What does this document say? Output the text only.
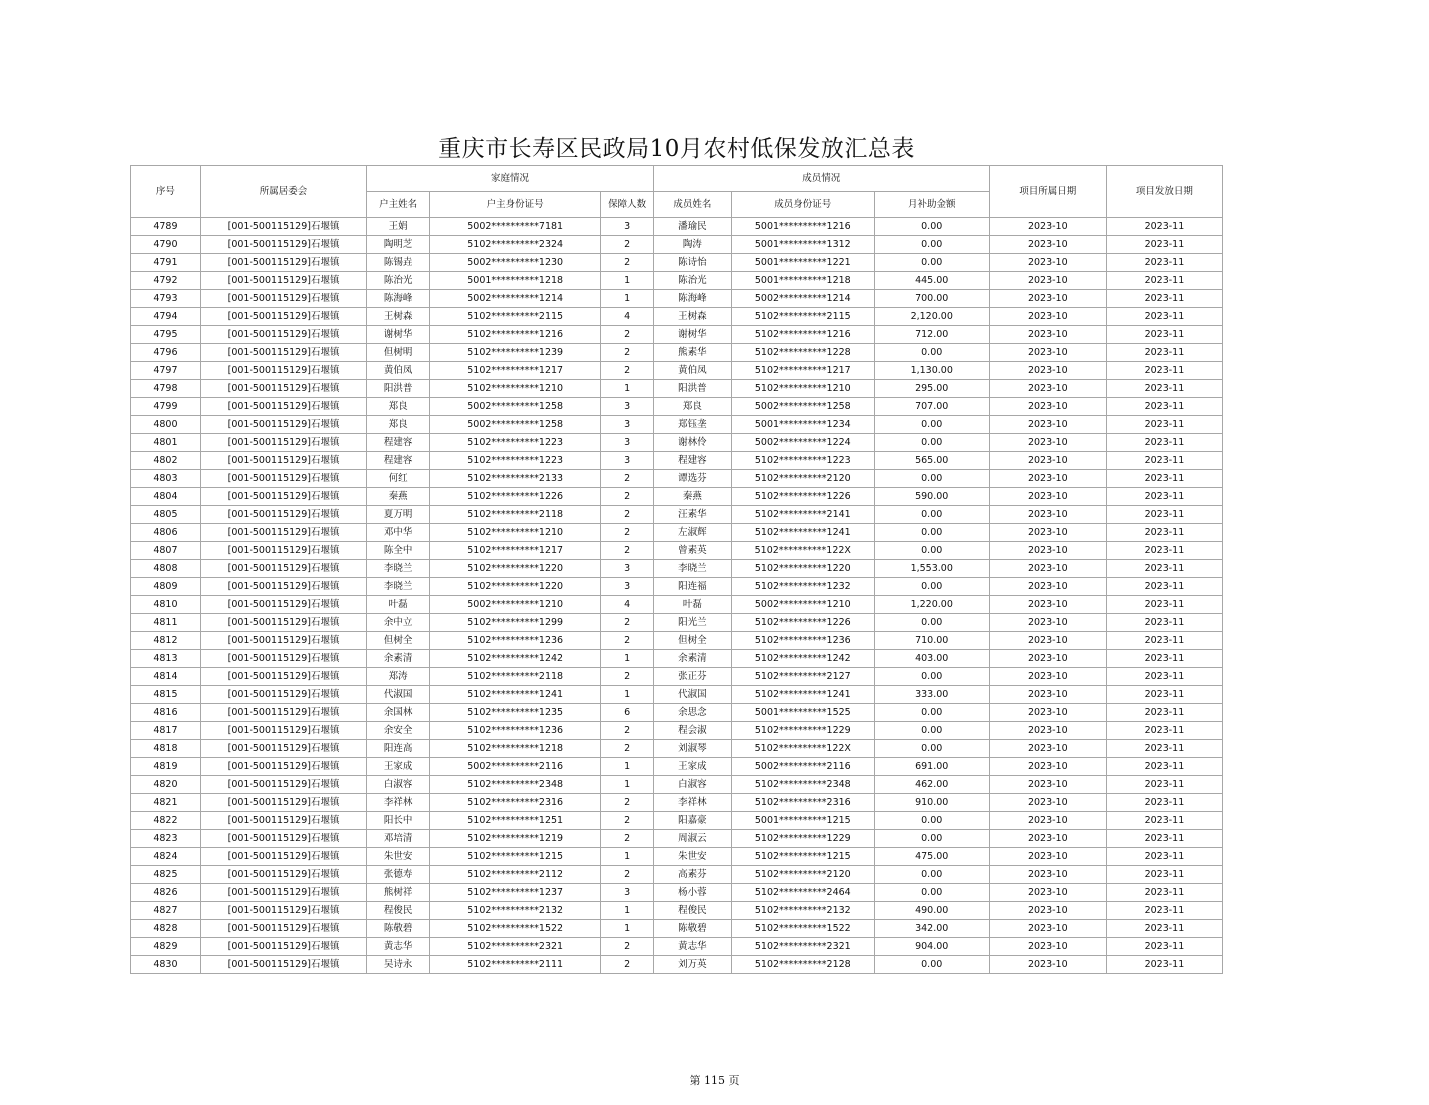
重庆市长寿区民政局10月农村低保发放汇总表
序号	所属居委会	家庭情况			成员情况			项目所属日期	项目发放日期
		户主姓名	户主身份证号	保障人数	成员姓名	成员身份证号	月补助金额		
4789	[001-500115129]石堰镇	王娟	5002**********7181	3	潘瑜民	5001**********1216	0.00	2023-10	2023-11
4790	[001-500115129]石堰镇	陶明芝	5102**********2324	2	陶涛	5001**********1312	0.00	2023-10	2023-11
4791	[001-500115129]石堰镇	陈锡垚	5002**********1230	2	陈诗怡	5001**********1221	0.00	2023-10	2023-11
4792	[001-500115129]石堰镇	陈治光	5001**********1218	1	陈治光	5001**********1218	445.00	2023-10	2023-11
4793	[001-500115129]石堰镇	陈海峰	5002**********1214	1	陈海峰	5002**********1214	700.00	2023-10	2023-11
4794	[001-500115129]石堰镇	王树森	5102**********2115	4	王树森	5102**********2115	2,120.00	2023-10	2023-11
4795	[001-500115129]石堰镇	谢树华	5102**********1216	2	谢树华	5102**********1216	712.00	2023-10	2023-11
4796	[001-500115129]石堰镇	但树明	5102**********1239	2	熊素华	5102**********1228	0.00	2023-10	2023-11
4797	[001-500115129]石堰镇	黄伯凤	5102**********1217	2	黄伯凤	5102**********1217	1,130.00	2023-10	2023-11
4798	[001-500115129]石堰镇	阳洪普	5102**********1210	1	阳洪普	5102**********1210	295.00	2023-10	2023-11
4799	[001-500115129]石堰镇	郑良	5002**********1258	3	郑良	5002**********1258	707.00	2023-10	2023-11
4800	[001-500115129]石堰镇	郑良	5002**********1258	3	郑钰垄	5001**********1234	0.00	2023-10	2023-11
4801	[001-500115129]石堰镇	程建容	5102**********1223	3	谢林伶	5002**********1224	0.00	2023-10	2023-11
4802	[001-500115129]石堰镇	程建容	5102**********1223	3	程建容	5102**********1223	565.00	2023-10	2023-11
4803	[001-500115129]石堰镇	何红	5102**********2133	2	谭选芬	5102**********2120	0.00	2023-10	2023-11
4804	[001-500115129]石堰镇	秦燕	5102**********1226	2	秦燕	5102**********1226	590.00	2023-10	2023-11
4805	[001-500115129]石堰镇	夏万明	5102**********2118	2	汪素华	5102**********2141	0.00	2023-10	2023-11
4806	[001-500115129]石堰镇	邓中华	5102**********1210	2	左淑辉	5102**********1241	0.00	2023-10	2023-11
4807	[001-500115129]石堰镇	陈全中	5102**********1217	2	曾素英	5102**********122X	0.00	2023-10	2023-11
4808	[001-500115129]石堰镇	李晓兰	5102**********1220	3	李晓兰	5102**********1220	1,553.00	2023-10	2023-11
4809	[001-500115129]石堰镇	李晓兰	5102**********1220	3	阳连福	5102**********1232	0.00	2023-10	2023-11
4810	[001-500115129]石堰镇	叶磊	5002**********1210	4	叶磊	5002**********1210	1,220.00	2023-10	2023-11
4811	[001-500115129]石堰镇	余中立	5102**********1299	2	阳光兰	5102**********1226	0.00	2023-10	2023-11
4812	[001-500115129]石堰镇	但树全	5102**********1236	2	但树全	5102**********1236	710.00	2023-10	2023-11
4813	[001-500115129]石堰镇	余素清	5102**********1242	1	余素清	5102**********1242	403.00	2023-10	2023-11
4814	[001-500115129]石堰镇	郑涛	5102**********2118	2	张正芬	5102**********2127	0.00	2023-10	2023-11
4815	[001-500115129]石堰镇	代淑国	5102**********1241	1	代淑国	5102**********1241	333.00	2023-10	2023-11
4816	[001-500115129]石堰镇	余国林	5102**********1235	6	余思念	5001**********1525	0.00	2023-10	2023-11
4817	[001-500115129]石堰镇	余安全	5102**********1236	2	程会淑	5102**********1229	0.00	2023-10	2023-11
4818	[001-500115129]石堰镇	阳连高	5102**********1218	2	刘淑琴	5102**********122X	0.00	2023-10	2023-11
4819	[001-500115129]石堰镇	王家成	5002**********2116	1	王家成	5002**********2116	691.00	2023-10	2023-11
4820	[001-500115129]石堰镇	白淑容	5102**********2348	1	白淑容	5102**********2348	462.00	2023-10	2023-11
4821	[001-500115129]石堰镇	李祥林	5102**********2316	2	李祥林	5102**********2316	910.00	2023-10	2023-11
4822	[001-500115129]石堰镇	阳长中	5102**********1251	2	阳嘉豪	5001**********1215	0.00	2023-10	2023-11
4823	[001-500115129]石堰镇	邓培清	5102**********1219	2	周淑云	5102**********1229	0.00	2023-10	2023-11
4824	[001-500115129]石堰镇	朱世安	5102**********1215	1	朱世安	5102**********1215	475.00	2023-10	2023-11
4825	[001-500115129]石堰镇	张德寿	5102**********2112	2	高素芬	5102**********2120	0.00	2023-10	2023-11
4826	[001-500115129]石堰镇	熊树祥	5102**********1237	3	杨小蓉	5102**********2464	0.00	2023-10	2023-11
4827	[001-500115129]石堰镇	程俊民	5102**********2132	1	程俊民	5102**********2132	490.00	2023-10	2023-11
4828	[001-500115129]石堰镇	陈敬碧	5102**********1522	1	陈敬碧	5102**********1522	342.00	2023-10	2023-11
4829	[001-500115129]石堰镇	黄志华	5102**********2321	2	黄志华	5102**********2321	904.00	2023-10	2023-11
4830	[001-500115129]石堰镇	吴诗永	5102**********2111	2	刘万英	5102**********2128	0.00	2023-10	2023-11
第 115 页
